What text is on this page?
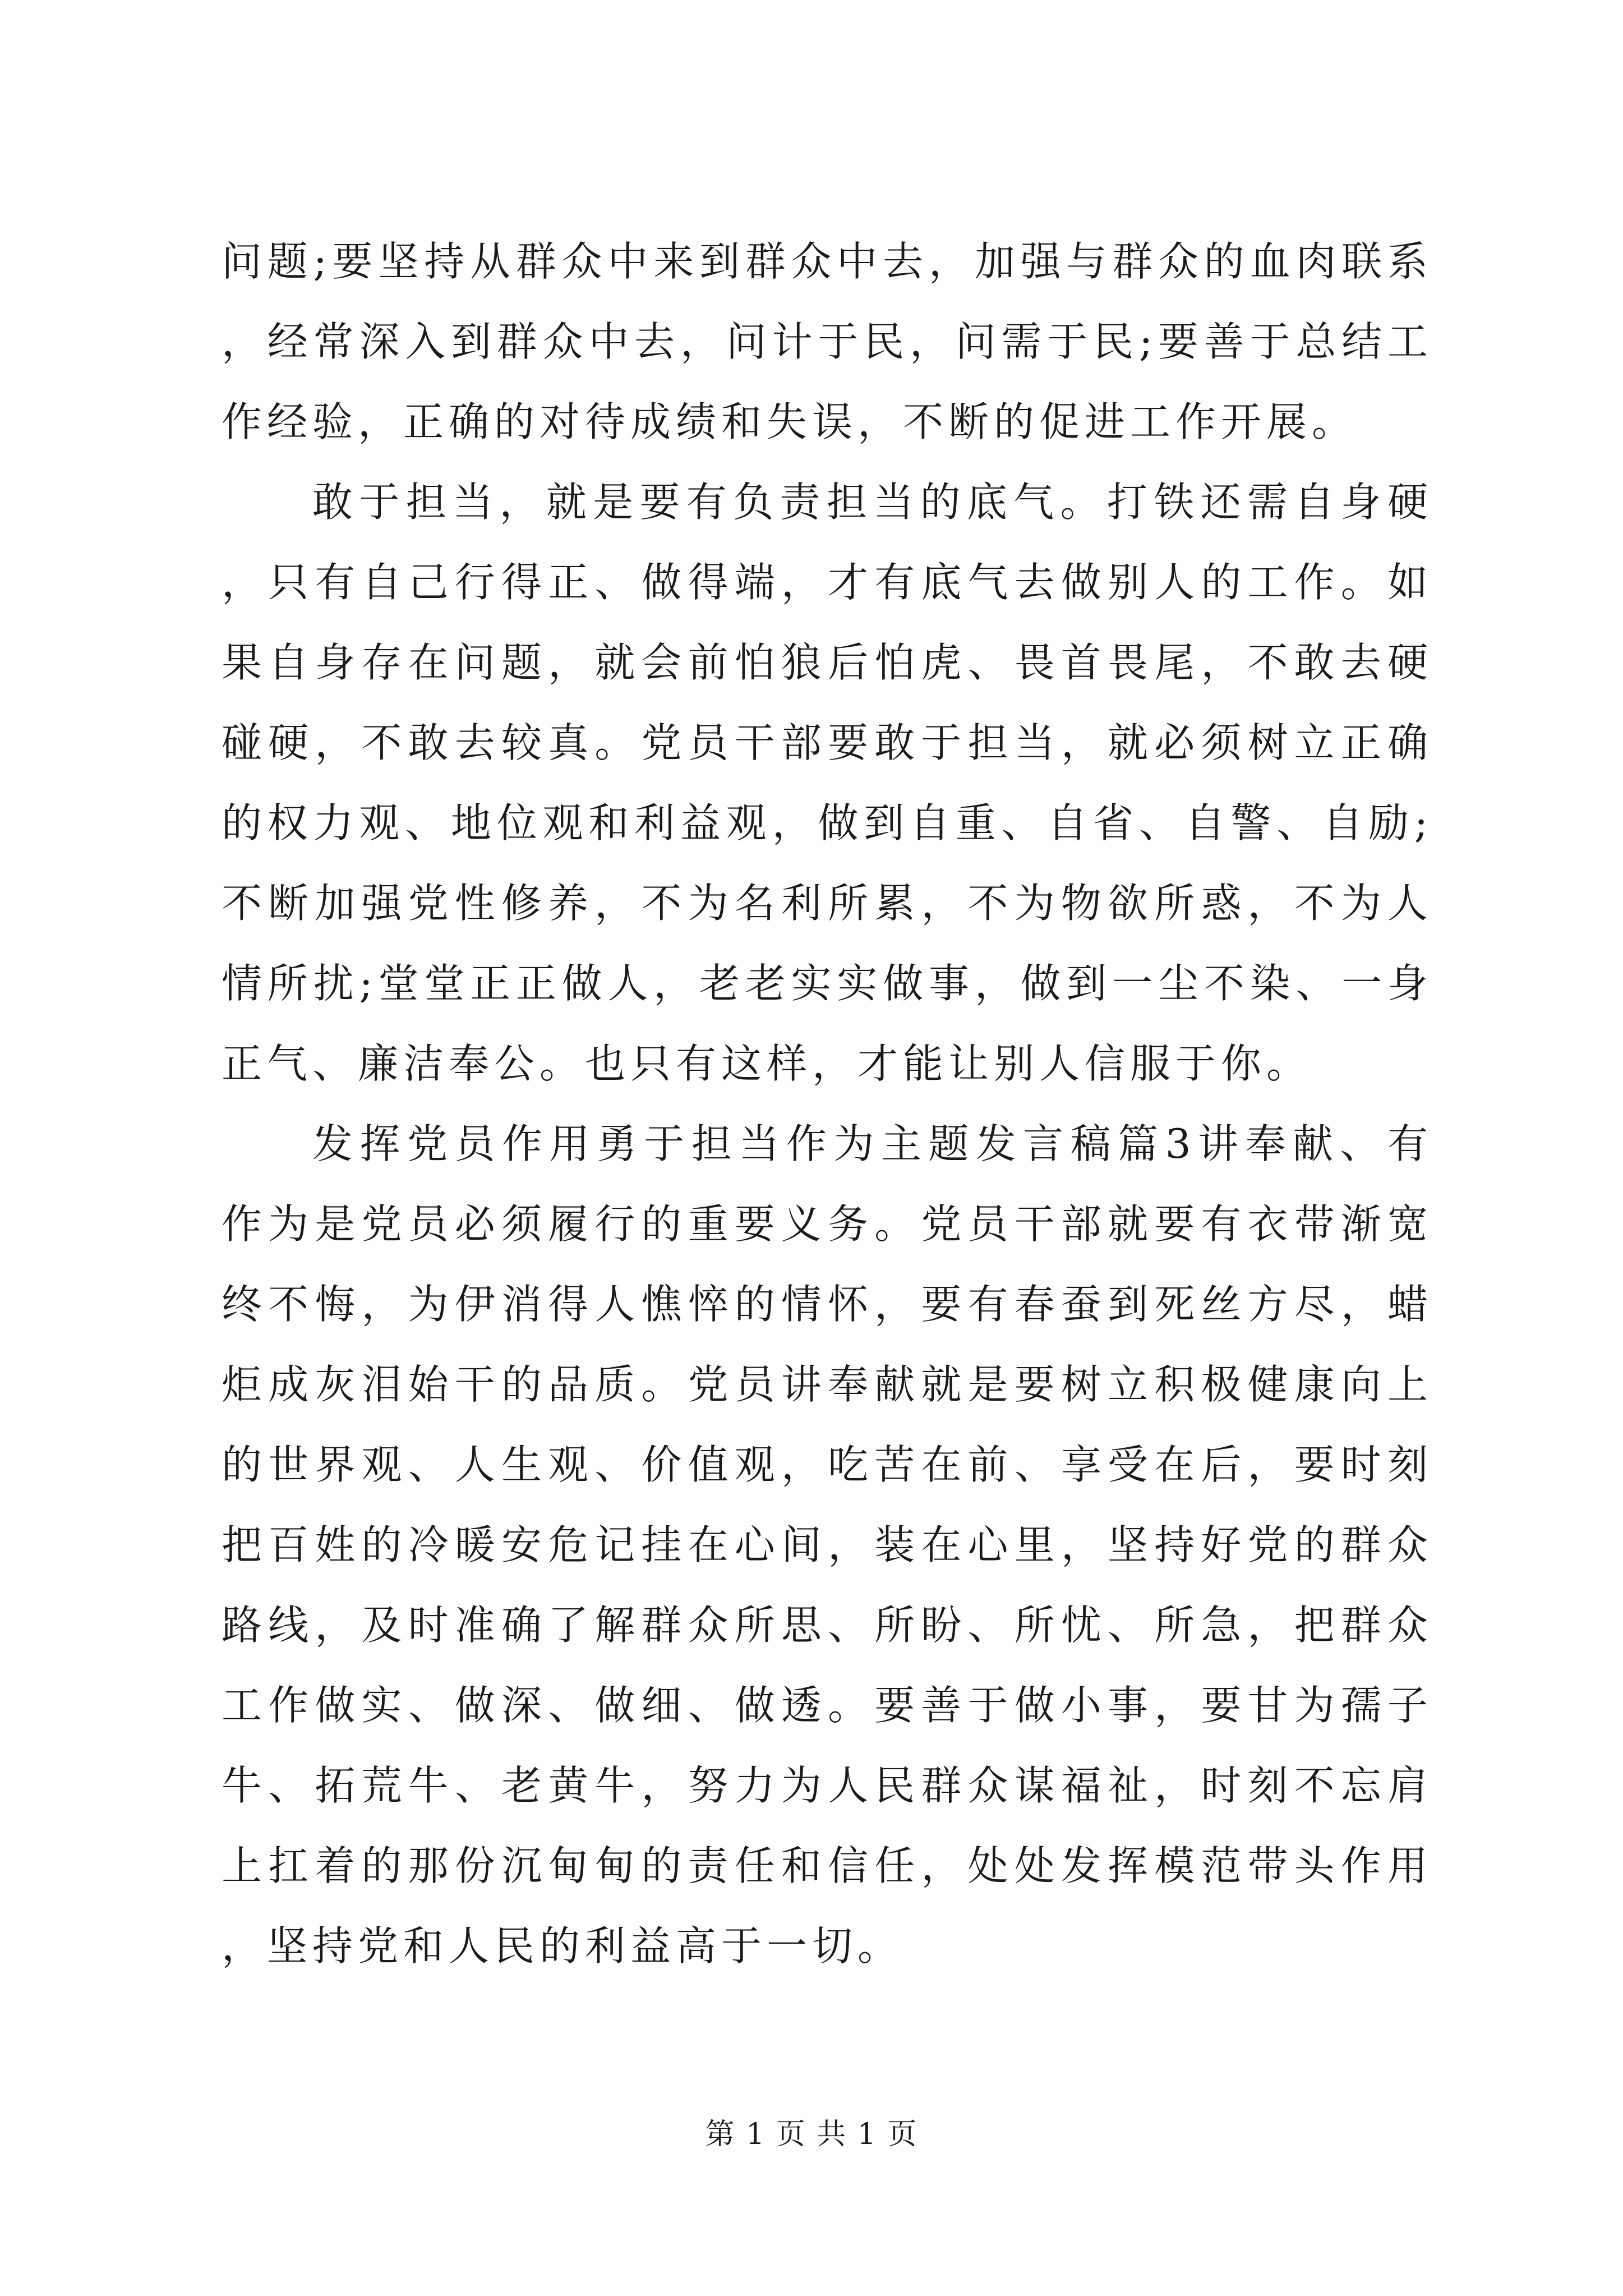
问题;要坚持从群众中来到群众中去，加强与群众的血肉联系，经常深入到群众中去，问计于民，问需于民;要善于总结工作经验，正确的对待成绩和失误，不断的促进工作开展。

敢于担当，就是要有负责担当的底气。打铁还需自身硬，只有自己行得正、做得端，才有底气去做别人的工作。如果自身存在问题，就会前怕狼后怕虎、畏首畏尾，不敢去硬碰硬，不敢去较真。党员干部要敢于担当，就必须树立正确的权力观、地位观和利益观，做到自重、自省、自警、自励;不断加强党性修养，不为名利所累，不为物欲所惑，不为人情所扰;堂堂正正做人，老老实实做事，做到一尘不染、一身正气、廉洁奉公。也只有这样，才能让别人信服于你。

发挥党员作用勇于担当作为主题发言稿篇3讲奉献、有作为是党员必须履行的重要义务。党员干部就要有衣带渐宽终不悔，为伊消得人憔悴的情怀，要有春蚕到死丝方尽，蜡炬成灰泪始干的品质。党员讲奉献就是要树立积极健康向上的世界观、人生观、价值观，吃苦在前、享受在后，要时刻把百姓的冷暖安危记挂在心间，装在心里，坚持好党的群众路线，及时准确了解群众所思、所盼、所忧、所急，把群众工作做实、做深、做细、做透。要善于做小事，要甘为孺子牛、拓荒牛、老黄牛，努力为人民群众谋福祉，时刻不忘肩上扛着的那份沉甸甸的责任和信任，处处发挥模范带头作用，坚持党和人民的利益高于一切。

第 1 页 共 1 页
